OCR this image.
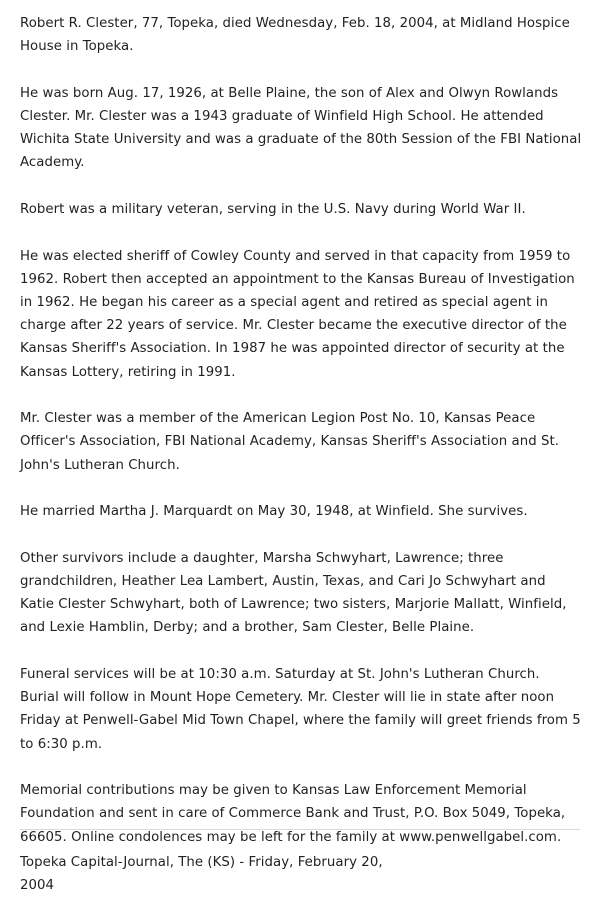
Robert R. Clester, 77, Topeka, died Wednesday, Feb. 18, 2004, at Midland Hospice House in Topeka.

He was born Aug. 17, 1926, at Belle Plaine, the son of Alex and Olwyn Rowlands Clester. Mr. Clester was a 1943 graduate of Winfield High School. He attended Wichita State University and was a graduate of the 80th Session of the FBI National Academy.

Robert was a military veteran, serving in the U.S. Navy during World War II.

He was elected sheriff of Cowley County and served in that capacity from 1959 to 1962. Robert then accepted an appointment to the Kansas Bureau of Investigation in 1962. He began his career as a special agent and retired as special agent in charge after 22 years of service. Mr. Clester became the executive director of the Kansas Sheriff's Association. In 1987 he was appointed director of security at the Kansas Lottery, retiring in 1991.

Mr. Clester was a member of the American Legion Post No. 10, Kansas Peace Officer's Association, FBI National Academy, Kansas Sheriff's Association and St. John's Lutheran Church.

He married Martha J. Marquardt on May 30, 1948, at Winfield. She survives.

Other survivors include a daughter, Marsha Schwyhart, Lawrence; three grandchildren, Heather Lea Lambert, Austin, Texas, and Cari Jo Schwyhart and Katie Clester Schwyhart, both of Lawrence; two sisters, Marjorie Mallatt, Winfield, and Lexie Hamblin, Derby; and a brother, Sam Clester, Belle Plaine.

Funeral services will be at 10:30 a.m. Saturday at St. John's Lutheran Church. Burial will follow in Mount Hope Cemetery. Mr. Clester will lie in state after noon Friday at Penwell-Gabel Mid Town Chapel, where the family will greet friends from 5 to 6:30 p.m.

Memorial contributions may be given to Kansas Law Enforcement Memorial Foundation and sent in care of Commerce Bank and Trust, P.O. Box 5049, Topeka, 66605. Online condolences may be left for the family at www.penwellgabel.com.

Topeka Capital-Journal, The (KS) - Friday, February 20, 2004
